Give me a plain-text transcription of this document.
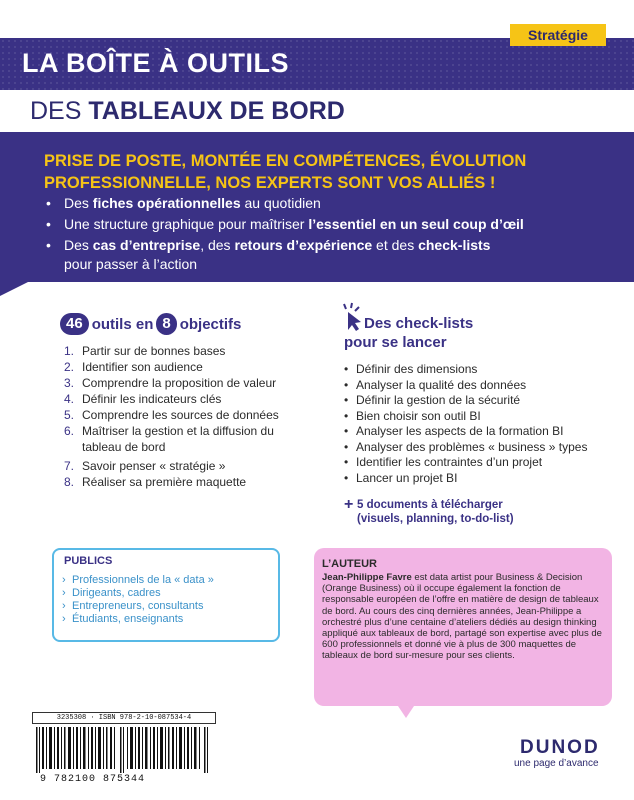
Stratégie
LA BOÎTE À OUTILS
DES TABLEAUX DE BORD
PRISE DE POSTE, MONTÉE EN COMPÉTENCES, ÉVOLUTION
PROFESSIONNELLE, NOS EXPERTS SONT VOS ALLIÉS !
• Des fiches opérationnelles au quotidien
• Une structure graphique pour maîtriser l’essentiel en un seul coup d’œil
• Des cas d’entreprise, des retours d’expérience et des check-lists
pour passer à l’action
46 outils en 8 objectifs
1. Partir sur de bonnes bases
2. Identifier son audience
3. Comprendre la proposition de valeur
4. Définir les indicateurs clés
5. Comprendre les sources de données
6. Maîtriser la gestion et la diffusion du
tableau de bord
7. Savoir penser « stratégie »
8. Réaliser sa première maquette
Des check-lists
pour se lancer
• Définir des dimensions
• Analyser la qualité des données
• Définir la gestion de la sécurité
• Bien choisir son outil BI
• Analyser les aspects de la formation BI
• Analyser des problèmes « business » types
• Identifier les contraintes d’un projet
• Lancer un projet BI
+ 5 documents à télécharger
(visuels, planning, to-do-list)
PUBLICS
› Professionnels de la « data »
› Dirigeants, cadres
› Entrepreneurs, consultants
› Étudiants, enseignants
L’AUTEUR
Jean-Philippe Favre est data artist pour Business & Decision (Orange Business) où il occupe également la fonction de responsable européen de l’offre en matière de design de tableaux de bord. Au cours des cinq dernières années, Jean-Philippe a orchestré plus d’une centaine d’ateliers dédiés au design thinking appliqué aux tableaux de bord, partagé son expertise avec plus de 600 professionnels et donné vie à plus de 300 maquettes de tableaux de bord sur-mesure pour ses clients.
3235308 · ISBN 978-2-10-087534-4
9 782100 875344
DUNOD
une page d’avance
